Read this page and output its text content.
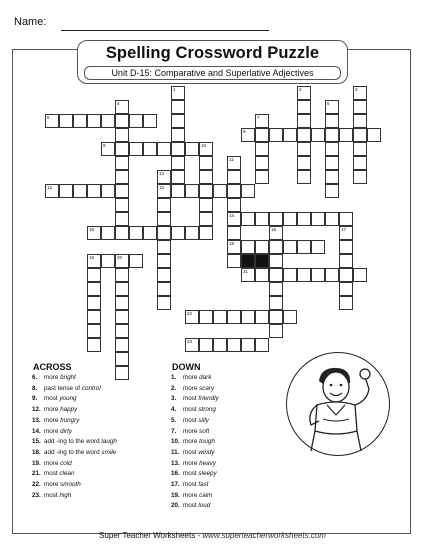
Name:
Spelling Crossword Puzzle
Unit D-15: Comparative and Superlative Adjectives
1	2	3
4	5
7
10
11
14
18
13
13
16	17
19	20
6
8
9
12
15
21
22
23
ACROSS	DOWN
6. more bright
8. past tense of control
9. most young
12. more happy
13. more hungry
14. more dirty
15. add -ing to the word laugh
18. add -ing to the word smile
19. more cold
21. most clean
22. more smooth
23. most high
1. more dark
2. more scary
3. most friendly
4. most strong
5. most silly
7. more soft
10. more tough
11. most windy
13. more heavy
16. most sleepy
17. most fast
19. more calm
20. most loud
Super Teacher Worksheets - www.superteacherworksheets.com
